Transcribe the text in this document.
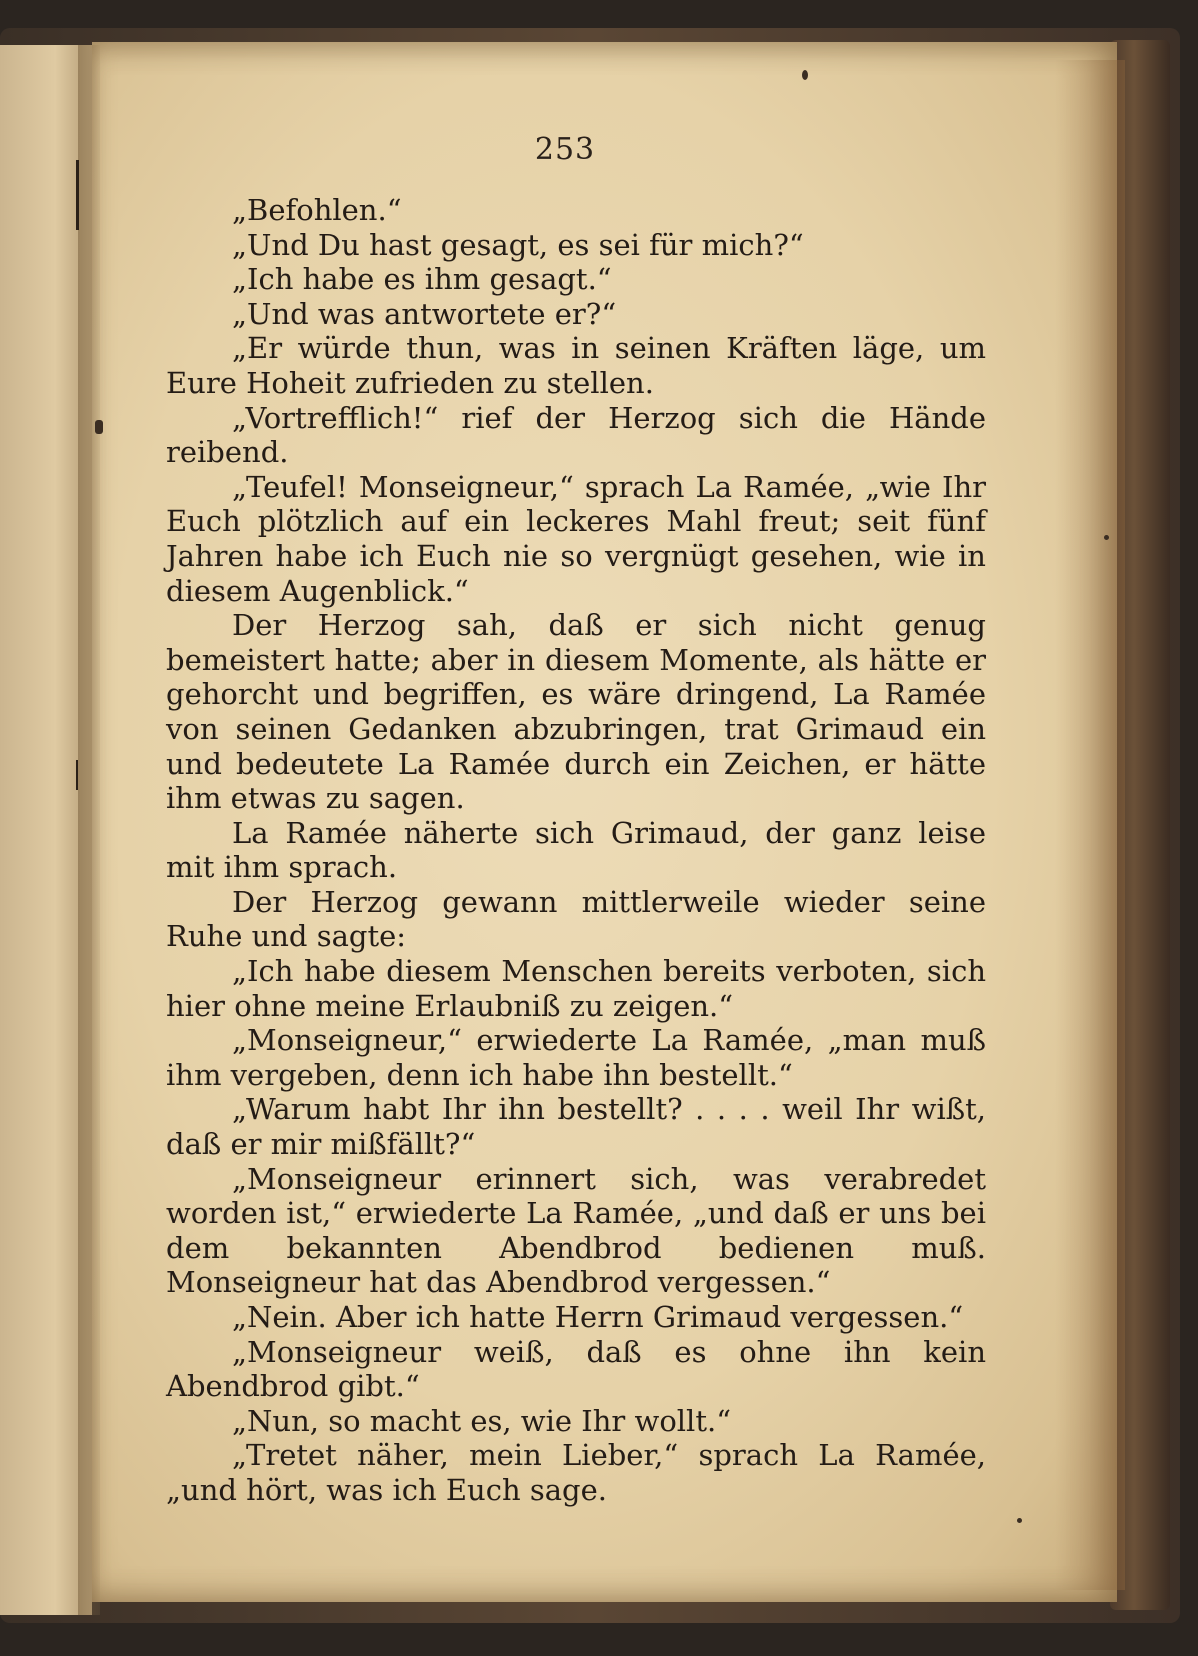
253

„Befohlen.“

„Und Du hast gesagt, es sei für mich?“

„Ich habe es ihm gesagt.“

„Und was antwortete er?“

„Er würde thun, was in seinen Kräften läge, um Eure Hoheit zufrieden zu stellen.

„Vortrefflich!“ rief der Herzog sich die Hände reibend.

„Teufel! Monseigneur,“ sprach La Ramée, „wie Ihr Euch plötzlich auf ein leckeres Mahl freut; seit fünf Jahren habe ich Euch nie so vergnügt gesehen, wie in diesem Augenblick.“

Der Herzog sah, daß er sich nicht genug bemeistert hatte; aber in diesem Momente, als hätte er gehorcht und begriffen, es wäre dringend, La Ramée von seinen Gedanken abzubringen, trat Grimaud ein und bedeutete La Ramée durch ein Zeichen, er hätte ihm etwas zu sagen.

La Ramée näherte sich Grimaud, der ganz leise mit ihm sprach.

Der Herzog gewann mittlerweile wieder seine Ruhe und sagte:

„Ich habe diesem Menschen bereits verboten, sich hier ohne meine Erlaubniß zu zeigen.“

„Monseigneur,“ erwiederte La Ramée, „man muß ihm vergeben, denn ich habe ihn bestellt.“

„Warum habt Ihr ihn bestellt? . . . . weil Ihr wißt, daß er mir mißfällt?“

„Monseigneur erinnert sich, was verabredet worden ist,“ erwiederte La Ramée, „und daß er uns bei dem bekannten Abendbrod bedienen muß. Monseigneur hat das Abendbrod vergessen.“

„Nein. Aber ich hatte Herrn Grimaud vergessen.“

„Monseigneur weiß, daß es ohne ihn kein Abendbrod gibt.“

„Nun, so macht es, wie Ihr wollt.“

„Tretet näher, mein Lieber,“ sprach La Ramée, „und hört, was ich Euch sage.
